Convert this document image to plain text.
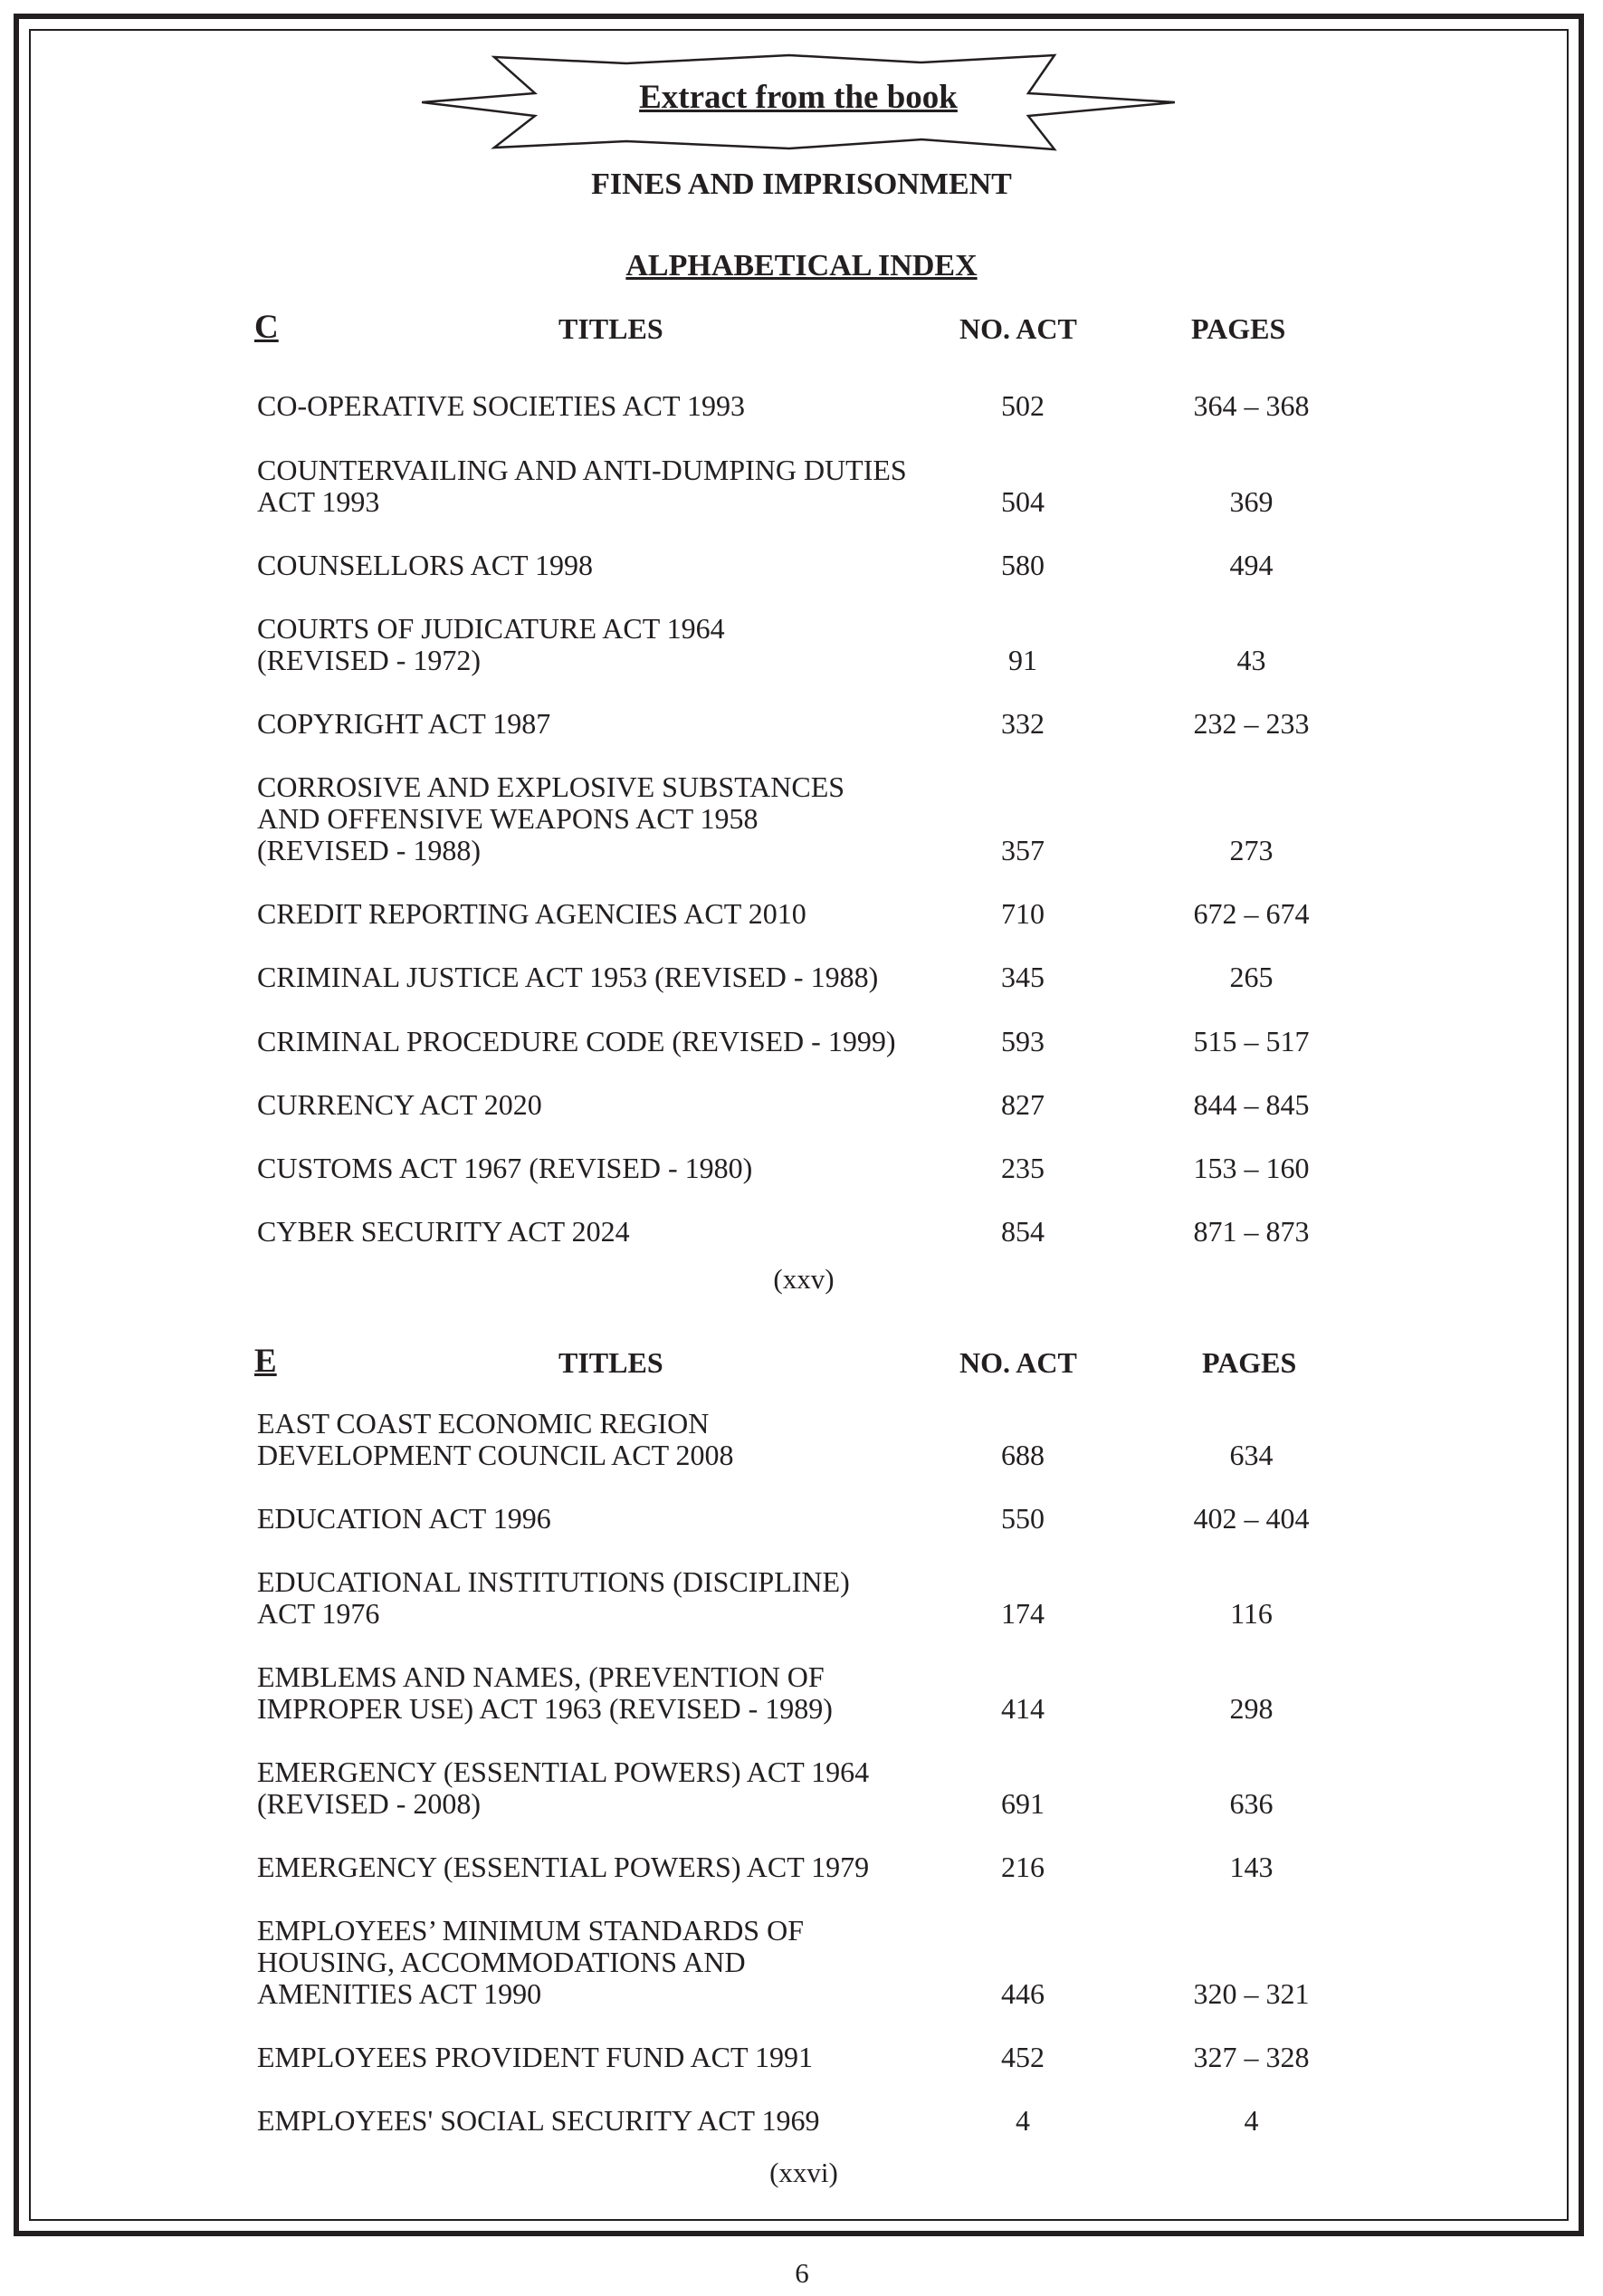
Extract from the book
FINES AND IMPRISONMENT
ALPHABETICAL INDEX
C	TITLES	NO. ACT	PAGES
CO-OPERATIVE SOCIETIES ACT 1993	502	364 – 368
COUNTERVAILING AND ANTI-DUMPING DUTIES
ACT 1993	504	369
COUNSELLORS ACT 1998	580	494
COURTS OF JUDICATURE ACT 1964
(REVISED - 1972)	91	43
COPYRIGHT ACT 1987	332	232 – 233
CORROSIVE AND EXPLOSIVE SUBSTANCES
AND OFFENSIVE WEAPONS ACT 1958
(REVISED - 1988)	357	273
CREDIT REPORTING AGENCIES ACT 2010	710	672 – 674
CRIMINAL JUSTICE ACT 1953 (REVISED - 1988)	345	265
CRIMINAL PROCEDURE CODE (REVISED - 1999)	593	515 – 517
CURRENCY ACT 2020	827	844 – 845
CUSTOMS ACT 1967 (REVISED - 1980)	235	153 – 160
CYBER SECURITY ACT 2024	854	871 – 873
(xxv)
E	TITLES	NO. ACT	PAGES
EAST COAST ECONOMIC REGION
DEVELOPMENT COUNCIL ACT 2008	688	634
EDUCATION ACT 1996	550	402 – 404
EDUCATIONAL INSTITUTIONS (DISCIPLINE)
ACT 1976	174	116
EMBLEMS AND NAMES, (PREVENTION OF
IMPROPER USE) ACT 1963 (REVISED - 1989)	414	298
EMERGENCY (ESSENTIAL POWERS) ACT 1964
(REVISED - 2008)	691	636
EMERGENCY (ESSENTIAL POWERS) ACT 1979	216	143
EMPLOYEES’ MINIMUM STANDARDS OF
HOUSING, ACCOMMODATIONS AND
AMENITIES ACT 1990	446	320 – 321
EMPLOYEES PROVIDENT FUND ACT 1991	452	327 – 328
EMPLOYEES' SOCIAL SECURITY ACT 1969	4	4
(xxvi)
6
